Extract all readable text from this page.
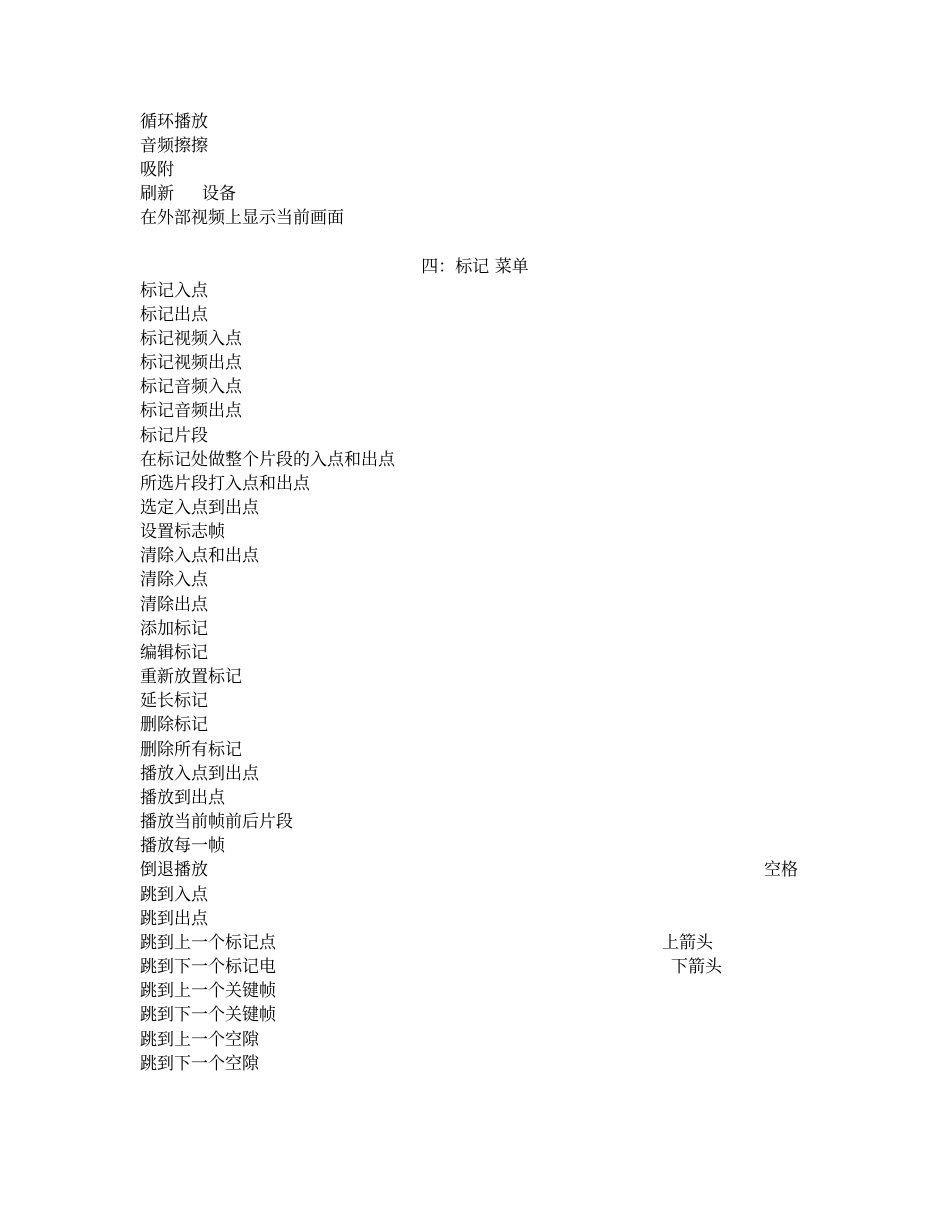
循环播放
音频擦擦
吸附
刷新 设备
在外部视频上显示当前画面
四：标记 菜单
标记入点
标记出点
标记视频入点
标记视频出点
标记音频入点
标记音频出点
标记片段
在标记处做整个片段的入点和出点
所选片段打入点和出点
选定入点到出点
设置标志帧
清除入点和出点
清除入点
清除出点
添加标记
编辑标记
重新放置标记
延长标记
删除标记
删除所有标记
播放入点到出点
播放到出点
播放当前帧前后片段
播放每一帧
倒退播放	空格
跳到入点
跳到出点
跳到上一个标记点	上箭头
跳到下一个标记电	下箭头
跳到上一个关键帧
跳到下一个关键帧
跳到上一个空隙
跳到下一个空隙
